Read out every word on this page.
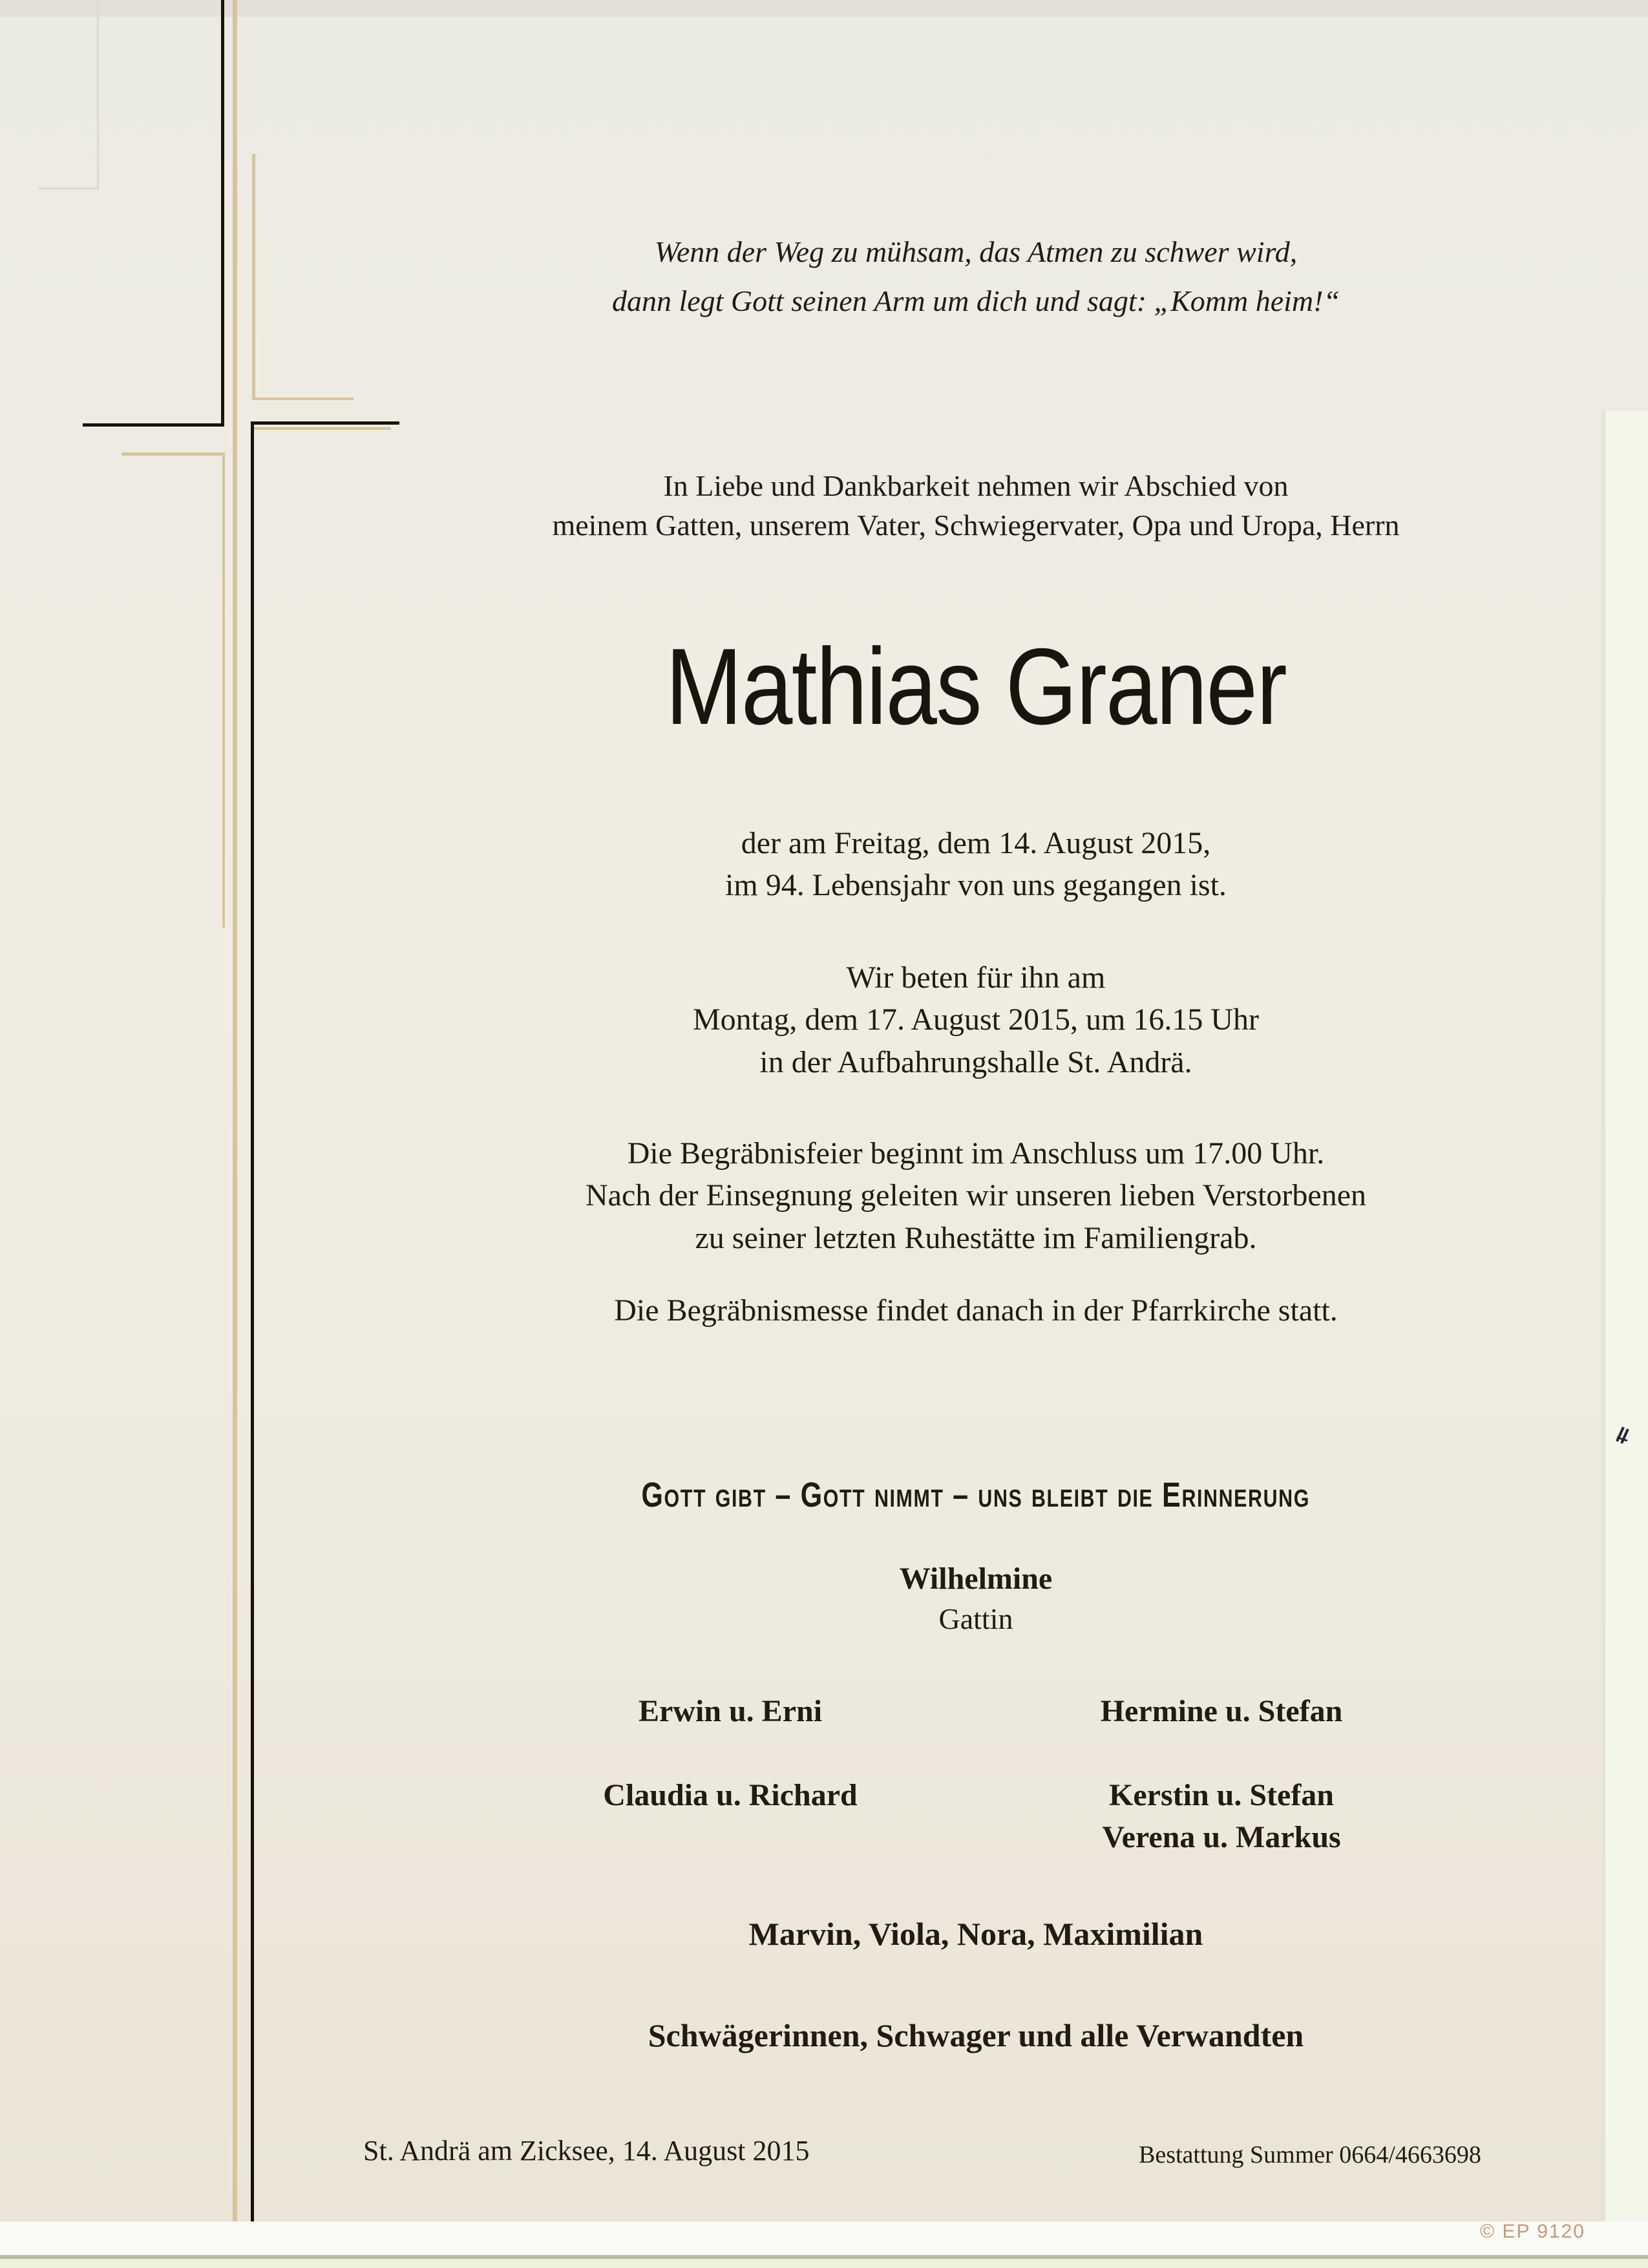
Wenn der Weg zu mühsam, das Atmen zu schwer wird,
dann legt Gott seinen Arm um dich und sagt: „Komm heim!“
In Liebe und Dankbarkeit nehmen wir Abschied von
meinem Gatten, unserem Vater, Schwiegervater, Opa und Uropa, Herrn
Mathias Graner
der am Freitag, dem 14. August 2015,
im 94. Lebensjahr von uns gegangen ist.
Wir beten für ihn am
Montag, dem 17. August 2015, um 16.15 Uhr
in der Aufbahrungshalle St. Andrä.
Die Begräbnisfeier beginnt im Anschluss um 17.00 Uhr.
Nach der Einsegnung geleiten wir unseren lieben Verstorbenen
zu seiner letzten Ruhestätte im Familiengrab.
Die Begräbnismesse findet danach in der Pfarrkirche statt.
Gott gibt – Gott nimmt – uns bleibt die Erinnerung
Wilhelmine
Gattin
Erwin u. Erni	Hermine u. Stefan
Claudia u. Richard	Kerstin u. Stefan
Verena u. Markus
Marvin, Viola, Nora, Maximilian
Schwägerinnen, Schwager und alle Verwandten
St. Andrä am Zicksee, 14. August 2015	Bestattung Summer 0664/4663698
© EP 9120
